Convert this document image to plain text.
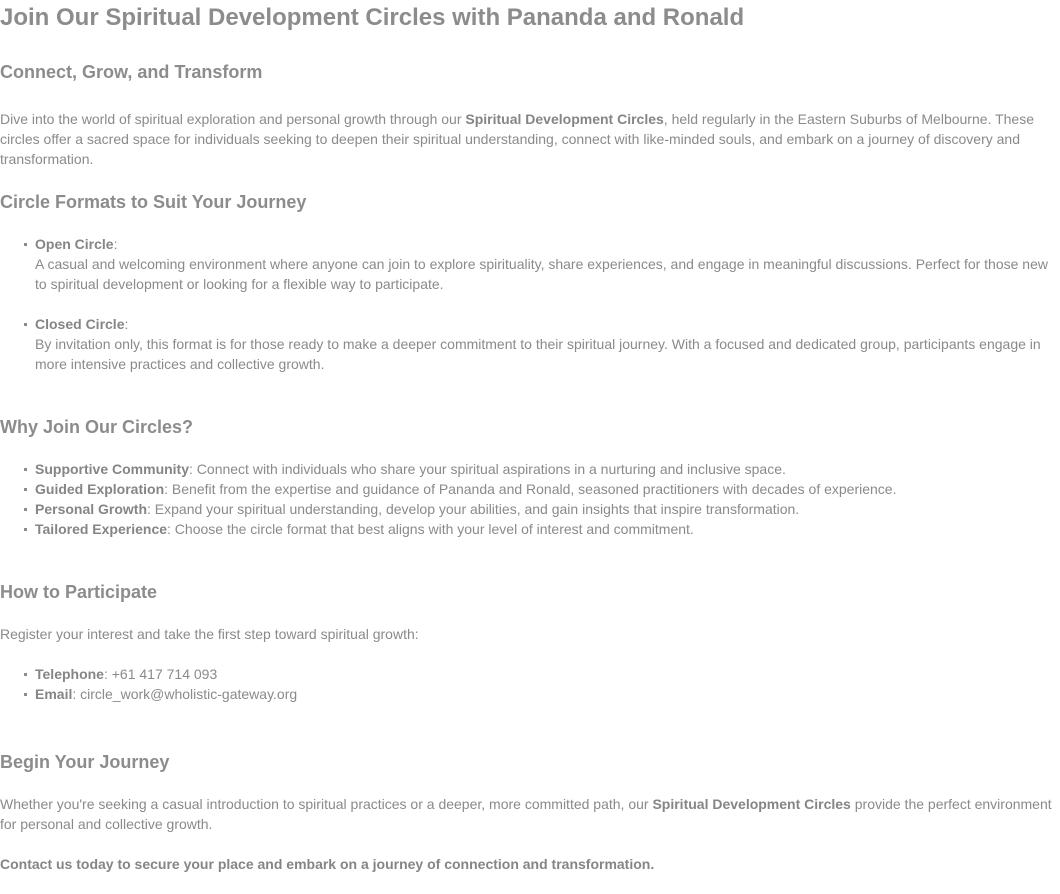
Join Our Spiritual Development Circles with Pananda and Ronald
Connect, Grow, and Transform

Dive into the world of spiritual exploration and personal growth through our Spiritual Development Circles, held regularly in the Eastern Suburbs of Melbourne. These circles offer a sacred space for individuals seeking to deepen their spiritual understanding, connect with like-minded souls, and embark on a journey of discovery and transformation.

Circle Formats to Suit Your Journey
Open Circle:
A casual and welcoming environment where anyone can join to explore spirituality, share experiences, and engage in meaningful discussions. Perfect for those new to spiritual development or looking for a flexible way to participate.
Closed Circle:
By invitation only, this format is for those ready to make a deeper commitment to their spiritual journey. With a focused and dedicated group, participants engage in more intensive practices and collective growth.
Why Join Our Circles?
Supportive Community: Connect with individuals who share your spiritual aspirations in a nurturing and inclusive space.
Guided Exploration: Benefit from the expertise and guidance of Pananda and Ronald, seasoned practitioners with decades of experience.
Personal Growth: Expand your spiritual understanding, develop your abilities, and gain insights that inspire transformation.
Tailored Experience: Choose the circle format that best aligns with your level of interest and commitment.
How to Participate

Register your interest and take the first step toward spiritual growth:

Telephone: +61 417 714 093
Email: circle_work@wholistic-gateway.org
Begin Your Journey

Whether you're seeking a casual introduction to spiritual practices or a deeper, more committed path, our Spiritual Development Circles provide the perfect environment for personal and collective growth.

Contact us today to secure your place and embark on a journey of connection and transformation.
